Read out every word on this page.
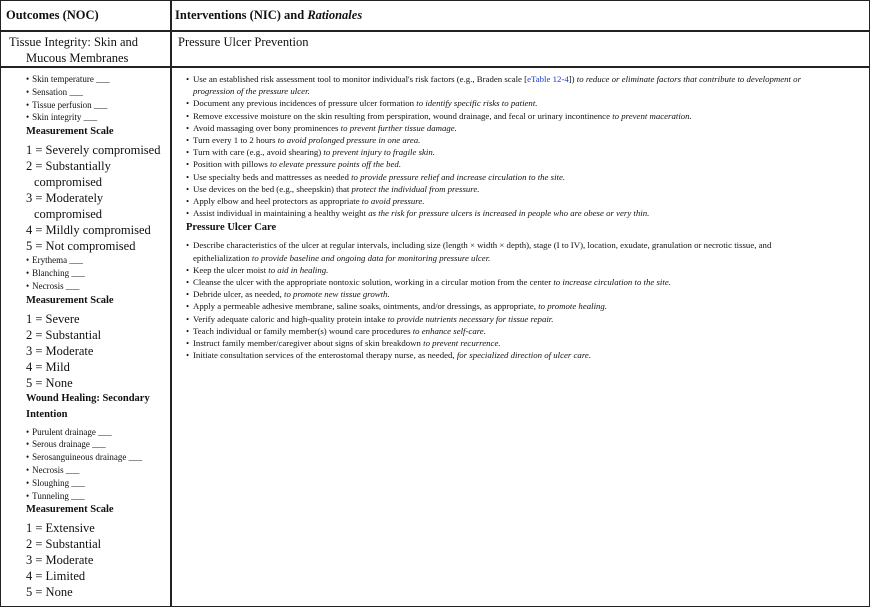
Outcomes (NOC)	Interventions (NIC) and Rationales
Tissue Integrity: Skin and
Mucous Membranes
Pressure Ulcer Prevention
• Skin temperature ___
• Sensation ___
• Tissue perfusion ___
• Skin integrity ___
Measurement Scale
1 = Severely compromised
2 = Substantially
compromised
3 = Moderately
compromised
4 = Mildly compromised
5 = Not compromised
• Erythema ___
• Blanching ___
• Necrosis ___
Measurement Scale
1 = Severe
2 = Substantial
3 = Moderate
4 = Mild
5 = None
Wound Healing: Secondary
Intention
• Purulent drainage ___
• Serous drainage ___
• Serosanguineous drainage ___
• Necrosis ___
• Sloughing ___
• Tunneling ___
Measurement Scale
1 = Extensive
2 = Substantial
3 = Moderate
4 = Limited
5 = None
• Use an established risk assessment tool to monitor individual's risk factors (e.g., Braden scale [eTable 12-4]) to reduce or eliminate factors that contribute to development or
progression of the pressure ulcer.
• Document any previous incidences of pressure ulcer formation to identify specific risks to patient.
• Remove excessive moisture on the skin resulting from perspiration, wound drainage, and fecal or urinary incontinence to prevent maceration.
• Avoid massaging over bony prominences to prevent further tissue damage.
• Turn every 1 to 2 hours to avoid prolonged pressure in one area.
• Turn with care (e.g., avoid shearing) to prevent injury to fragile skin.
• Position with pillows to elevate pressure points off the bed.
• Use specialty beds and mattresses as needed to provide pressure relief and increase circulation to the site.
• Use devices on the bed (e.g., sheepskin) that protect the individual from pressure.
• Apply elbow and heel protectors as appropriate to avoid pressure.
• Assist individual in maintaining a healthy weight as the risk for pressure ulcers is increased in people who are obese or very thin.
Pressure Ulcer Care
• Describe characteristics of the ulcer at regular intervals, including size (length × width × depth), stage (I to IV), location, exudate, granulation or necrotic tissue, and
epithelialization to provide baseline and ongoing data for monitoring pressure ulcer.
• Keep the ulcer moist to aid in healing.
• Cleanse the ulcer with the appropriate nontoxic solution, working in a circular motion from the center to increase circulation to the site.
• Debride ulcer, as needed, to promote new tissue growth.
• Apply a permeable adhesive membrane, saline soaks, ointments, and/or dressings, as appropriate, to promote healing.
• Verify adequate caloric and high-quality protein intake to provide nutrients necessary for tissue repair.
• Teach individual or family member(s) wound care procedures to enhance self-care.
• Instruct family member/caregiver about signs of skin breakdown to prevent recurrence.
• Initiate consultation services of the enterostomal therapy nurse, as needed, for specialized direction of ulcer care.
